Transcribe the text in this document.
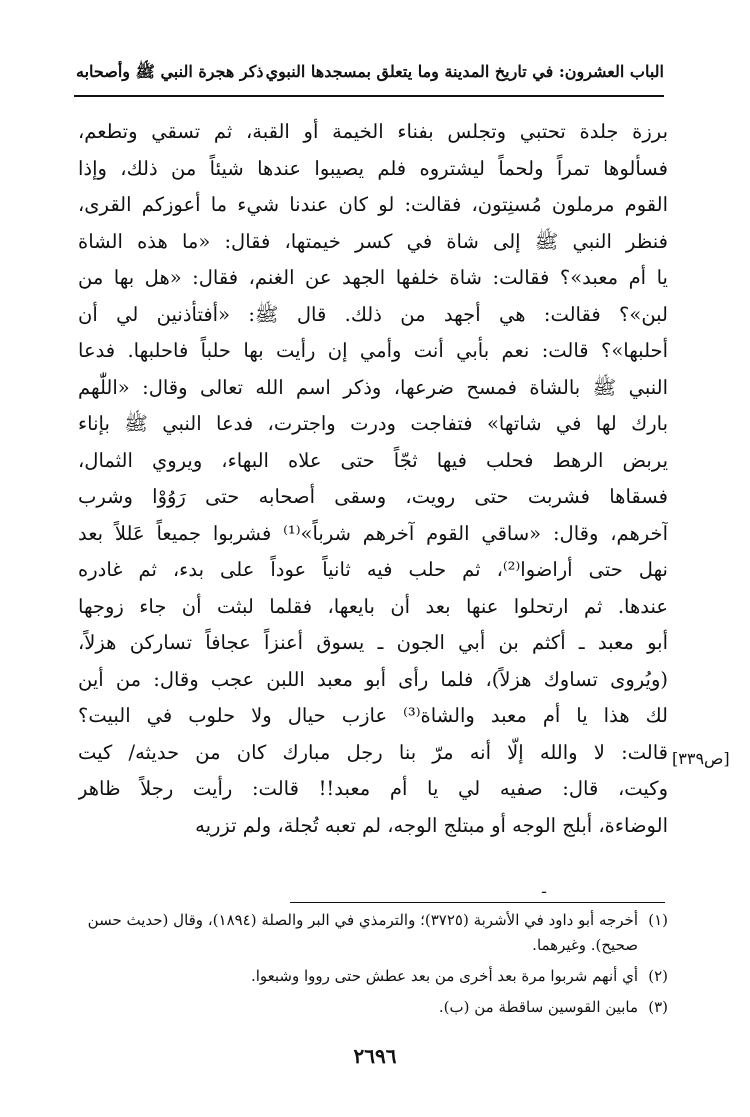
الباب العشرون: في تاريخ المدينة وما يتعلق بمسجدها النبوي
ذكر هجرة النبي ﷺ وأصحابه
برزة جلدة تحتبي وتجلس بفناء الخيمة أو القبة، ثم تسقي وتطعم،
فسألوها تمراً ولحماً ليشتروه فلم يصيبوا عندها شيئاً من ذلك، وإذا
القوم مرملون مُسنِتون، فقالت: لو كان عندنا شيء ما أعوزكم القرى،
فنظر النبي ﷺ إلى شاة في كسر خيمتها، فقال: «ما هذه الشاة
يا أم معبد»؟ فقالت: شاة خلفها الجهد عن الغنم، فقال: «هل بها من
لبن»؟ فقالت: هي أجهد من ذلك. قال ﷺ: «أفتأذنين لي أن
أحلبها»؟ قالت: نعم بأبي أنت وأمي إن رأيت بها حلباً فاحلبها. فدعا
النبي ﷺ بالشاة فمسح ضرعها، وذكر اسم الله تعالى وقال: «اللّٰهم
بارك لها في شاتها» فتفاجت ودرت واجترت، فدعا النبي ﷺ بإناء
يربض الرهط فحلب فيها ثجّاً حتى علاه البهاء، ويروي الثمال،
فسقاها فشربت حتى رويت، وسقى أصحابه حتى رَوُوْا وشرب
آخرهم، وقال: «ساقي القوم آخرهم شرباً»⁽¹⁾ فشربوا جميعاً عَللاً بعد
نهل حتى أراضوا⁽²⁾، ثم حلب فيه ثانياً عوداً على بدء، ثم غادره
عندها. ثم ارتحلوا عنها بعد أن بايعها، فقلما لبثت أن جاء زوجها
أبو معبد ـ أكثم بن أبي الجون ـ يسوق أعنزاً عجافاً تساركن هزلاً،
(ويُروى تساوك هزلاً)، فلما رأى أبو معبد اللبن عجب وقال: من أين
لك هذا يا أم معبد والشاة⁽³⁾ عازب حيال ولا حلوب في البيت؟
قالت: لا والله إلّا أنه مرّ بنا رجل مبارك كان من حديثه/ كيت
وكيت، قال: صفيه لي يا أم معبد!! قالت: رأيت رجلاً ظاهر
الوضاءة، أبلج الوجه أو مبتلج الوجه، لم تعبه تُجلة، ولم تزريه
[ص٣٣٩]
ـ
(١)
أخرجه أبو داود في الأشربة (٣٧٢٥)؛ والترمذي في البر والصلة (١٨٩٤)، وقال (حديث حسن صحيح). وغيرهما.
(٢)
أي أنهم شربوا مرة بعد أخرى من بعد عطش حتى رووا وشبعوا.
(٣)
مابين القوسين ساقطة من (ب).
٢٦٩٦
